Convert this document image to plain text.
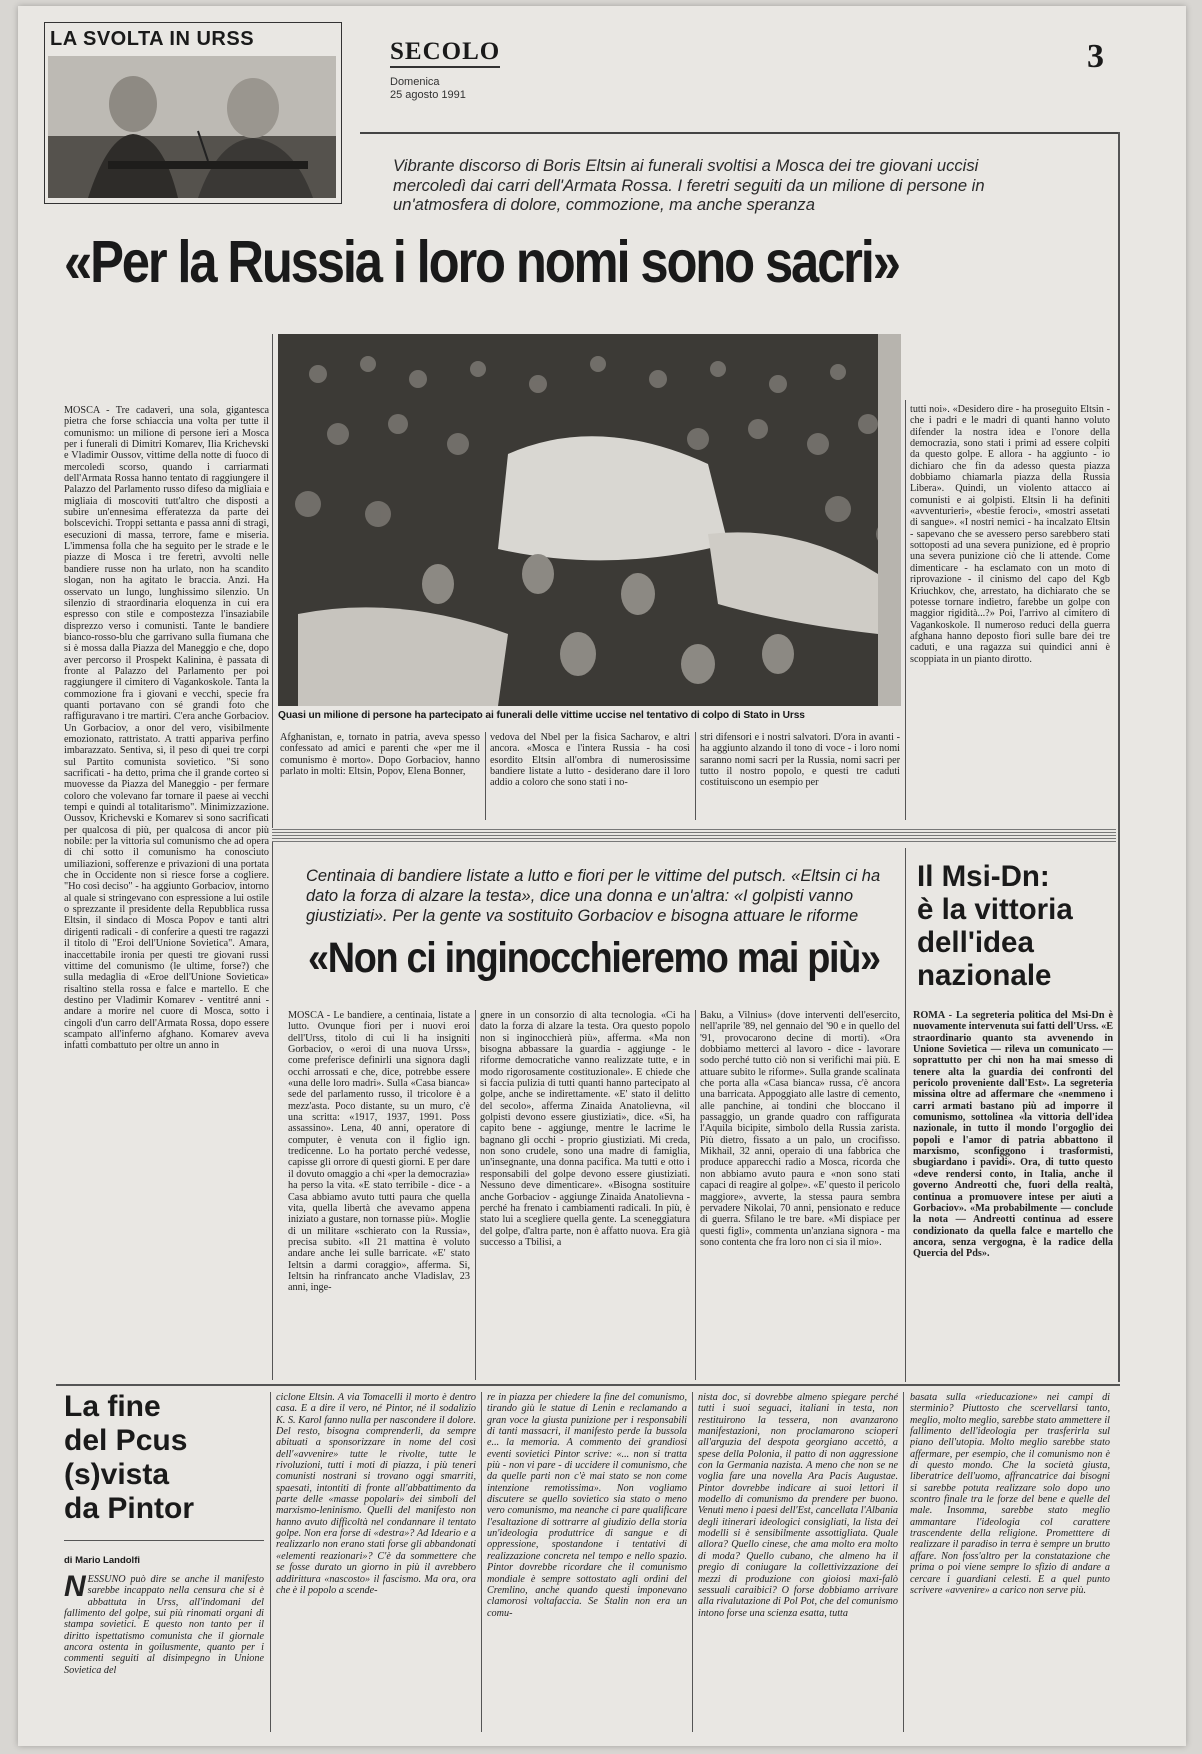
LA SVOLTA IN URSS	SECOLO
Domenica
25 agosto 1991
3
Vibrante discorso di Boris Eltsin ai funerali svoltisi a Mosca dei tre giovani uccisi mercoledì dai carri dell'Armata Rossa. I feretri seguiti da un milione di persone in un'atmosfera di dolore, commozione, ma anche speranza
«Per la Russia i loro nomi sono sacri»
Quasi un milione di persone ha partecipato ai funerali delle vittime uccise nel tentativo di colpo di Stato in Urss
MOSCA - Tre cadaveri, una sola, gigantesca pietra che forse schiaccia una volta per tutte il comunismo: un milione di persone ieri a Mosca per i funerali di Dimitri Komarev, Ilia Krichevski e Vladimir Oussov, vittime della notte di fuoco di mercoledì scorso, quando i carriarmati dell'Armata Rossa hanno tentato di raggiungere il Palazzo del Parlamento russo difeso da migliaia e migliaia di moscoviti tutt'altro che disposti a subire un'ennesima efferatezza da parte dei bolscevichi. Troppi settanta e passa anni di stragi, esecuzioni di massa, terrore, fame e miseria. L'immensa folla che ha seguito per le strade e le piazze di Mosca i tre feretri, avvolti nelle bandiere russe non ha urlato, non ha scandito slogan, non ha agitato le braccia. Anzi. Ha osservato un lungo, lunghissimo silenzio. Un silenzio di straordinaria eloquenza in cui era espresso con stile e compostezza l'insaziabile disprezzo verso i comunisti. Tante le bandiere bianco-rosso-blu che garrivano sulla fiumana che si è mossa dalla Piazza del Maneggio e che, dopo aver percorso il Prospekt Kalinina, è passata di fronte al Palazzo del Parlamento per poi raggiungere il cimitero di Vagankoskole. Tanta la commozione fra i giovani e vecchi, specie fra quanti portavano con sé grandi foto che raffiguravano i tre martiri. C'era anche Gorbaciov. Un Gorbaciov, a onor del vero, visibilmente emozionato, rattristato. A tratti appariva perfino imbarazzato. Sentiva, sì, il peso di quei tre corpi sul Partito comunista sovietico. "Si sono sacrificati - ha detto, prima che il grande corteo si muovesse da Piazza del Maneggio - per fermare coloro che volevano far tornare il paese ai vecchi tempi e quindi al totalitarismo". Minimizzazione. Oussov, Krichevski e Komarev si sono sacrificati per qualcosa di più, per qualcosa di ancor più nobile: per la vittoria sul comunismo che ad opera di chi sotto il comunismo ha conosciuto umiliazioni, sofferenze e privazioni di una portata che in Occidente non si riesce forse a cogliere. "Ho così deciso" - ha aggiunto Gorbaciov, intorno al quale si stringevano con espressione a lui ostile o sprezzante il presidente della Repubblica russa Eltsin, il sindaco di Mosca Popov e tanti altri dirigenti radicali - di conferire a questi tre ragazzi il titolo di "Eroi dell'Unione Sovietica". Amara, inaccettabile ironia per questi tre giovani russi vittime del comunismo (le ultime, forse?) che sulla medaglia di «Eroe dell'Unione Sovietica» risaltino stella rossa e falce e martello. E che destino per Vladimir Komarev - ventitré anni - andare a morire nel cuore di Mosca, sotto i cingoli d'un carro dell'Armata Rossa, dopo essere scampato all'inferno afghano. Komarev aveva infatti combattuto per oltre un anno in
Afghanistan, e, tornato in patria, aveva spesso confessato ad amici e parenti che «per me il comunismo è morto». Dopo Gorbaciov, hanno parlato in molti: Eltsin, Popov, Elena Bonner,
vedova del Nbel per la fisica Sacharov, e altri ancora. «Mosca e l'intera Russia - ha così esordito Eltsin all'ombra di numerosissime bandiere listate a lutto - desiderano dare il loro addio a coloro che sono stati i no-
stri difensori e i nostri salvatori. D'ora in avanti - ha aggiunto alzando il tono di voce - i loro nomi saranno nomi sacri per la Russia, nomi sacri per tutto il nostro popolo, e questi tre caduti costituiscono un esempio per
tutti noi». «Desidero dire - ha proseguito Eltsin - che i padri e le madri di quanti hanno voluto difender la nostra idea e l'onore della democrazia, sono stati i primi ad essere colpiti da questo golpe. E allora - ha aggiunto - io dichiaro che fin da adesso questa piazza dobbiamo chiamarla piazza della Russia Libera». Quindi, un violento attacco ai comunisti e ai golpisti. Eltsin li ha definiti «avventurieri», «bestie feroci», «mostri assetati di sangue». «I nostri nemici - ha incalzato Eltsin - sapevano che se avessero perso sarebbero stati sottoposti ad una severa punizione, ed è proprio una severa punizione ciò che li attende. Come dimenticare - ha esclamato con un moto di riprovazione - il cinismo del capo del Kgb Kriuchkov, che, arrestato, ha dichiarato che se potesse tornare indietro, farebbe un golpe con maggior rigidità...?» Poi, l'arrivo al cimitero di Vagankoskole. Il numeroso reduci della guerra afghana hanno deposto fiori sulle bare dei tre caduti, e una ragazza sui quindici anni è scoppiata in un pianto dirotto.
Centinaia di bandiere listate a lutto e fiori per le vittime del putsch. «Eltsin ci ha dato la forza di alzare la testa», dice una donna e un'altra: «I golpisti vanno giustiziati». Per la gente va sostituito Gorbaciov e bisogna attuare le riforme
«Non ci inginocchieremo mai più»
MOSCA - Le bandiere, a centinaia, listate a lutto. Ovunque fiori per i nuovi eroi dell'Urss, titolo di cui li ha insigniti Gorbaciov, o «eroi di una nuova Urss», come preferisce definirli una signora dagli occhi arrossati e che, dice, potrebbe essere «una delle loro madri». Sulla «Casa bianca» sede del parlamento russo, il tricolore è a mezz'asta. Poco distante, su un muro, c'è una scritta: «1917, 1937, 1991. Poss assassino». Lena, 40 anni, operatore di computer, è venuta con il figlio ign. tredicenne. Lo ha portato perché vedesse, capisse gli orrore di questi giorni. E per dare il dovuto omaggio a chi «per la democrazia» ha perso la vita. «E stato terribile - dice - a Casa abbiamo avuto tutti paura che quella vita, quella libertà che avevamo appena iniziato a gustare, non tornasse più». Moglie di un militare «schierato con la Russia», precisa subito. «Il 21 mattina è voluto andare anche lei sulle barricate. «E' stato Ieltsin a darmi coraggio», afferma. Si, Ieltsin ha rinfrancato anche Vladislav, 23 anni, inge-
gnere in un consorzio di alta tecnologia. «Ci ha dato la forza di alzare la testa. Ora questo popolo non si inginocchierà più», afferma. «Ma non bisogna abbassare la guardia - aggiunge - le riforme democratiche vanno realizzate tutte, e in modo rigorosamente costituzionale». E chiede che si faccia pulizia di tutti quanti hanno partecipato al golpe, anche se indirettamente. «E' stato il delitto del secolo», afferma Zinaida Anatolievna, «il golpisti devono essere giustiziati», dice. «Si, ha capito bene - aggiunge, mentre le lacrime le bagnano gli occhi - proprio giustiziati. Mi creda, non sono crudele, sono una madre di famiglia, un'insegnante, una donna pacifica. Ma tutti e otto i responsabili del golpe devono essere giustiziati. Nessuno deve dimenticare». «Bisogna sostituire anche Gorbaciov - aggiunge Zinaida Anatolievna - perché ha frenato i cambiamenti radicali. In più, è stato lui a scegliere quella gente. La sceneggiatura del golpe, d'altra parte, non è affatto nuova. Era già successo a Tbilisi, a
Baku, a Vilnius» (dove interventi dell'esercito, nell'aprile '89, nel gennaio del '90 e in quello del '91, provocarono decine di morti). «Ora dobbiamo metterci al lavoro - dice - lavorare sodo perché tutto ciò non si verifichi mai più. E attuare subito le riforme». Sulla grande scalinata che porta alla «Casa bianca» russa, c'è ancora una barricata. Appoggiato alle lastre di cemento, alle panchine, ai tondini che bloccano il passaggio, un grande quadro con raffigurata l'Aquila bicipite, simbolo della Russia zarista. Più dietro, fissato a un palo, un crocifisso. Mikhail, 32 anni, operaio di una fabbrica che produce apparecchi radio a Mosca, ricorda che non abbiamo avuto paura e «non sono stati capaci di reagire al golpe». «E' questo il pericolo maggiore», avverte, la stessa paura sembra pervadere Nikolai, 70 anni, pensionato e reduce di guerra. Sfilano le tre bare. «Mi dispiace per questi figli», commenta un'anziana signora - ma sono contenta che fra loro non ci sia il mio».
Il Msi-Dn:
è la vittoria
dell'idea
nazionale
ROMA - La segreteria politica del Msi-Dn è nuovamente intervenuta sui fatti dell'Urss. «E straordinario quanto sta avvenendo in Unione Sovietica — rileva un comunicato — soprattutto per chi non ha mai smesso di tenere alta la guardia dei confronti del pericolo proveniente dall'Est». La segreteria missina oltre ad affermare che «nemmeno i carri armati bastano più ad imporre il comunismo, sottolinea «la vittoria dell'idea nazionale, in tutto il mondo l'orgoglio dei popoli e l'amor di patria abbattono il marxismo, sconfiggono i trasformisti, sbugiardano i pavidi». Ora, di tutto questo «deve rendersi conto, in Italia, anche il governo Andreotti che, fuori della realtà, continua a promuovere intese per aiuti a Gorbaciov». «Ma probabilmente — conclude la nota — Andreotti continua ad essere condizionato da quella falce e martello che ancora, senza vergogna, è la radice della Quercia del Pds».
La fine
del Pcus
(s)vista
da Pintor
di Mario Landolfi
NESSUNO può dire se anche il manifesto sarebbe incappato nella censura che si è abbattuta in Urss, all'indomani del fallimento del golpe, sui più rinomati organi di stampa sovietici. E questo non tanto per il diritto ispettatismo comunista che il giornale ancora ostenta in goilusmente, quanto per i commenti seguiti al disimpegno in Unione Sovietica del
ciclone Eltsin. A via Tomacelli il morto è dentro casa. E a dire il vero, né Pintor, né il sodalizio K. S. Karol fanno nulla per nascondere il dolore. Del resto, bisogna comprenderli, da sempre abituati a sponsorizzare in nome del così dell'«avvenire» tutte le rivolte, tutte le rivoluzioni, tutti i moti di piazza, i più teneri comunisti nostrani si trovano oggi smarriti, spaesati, intontiti di fronte all'abbattimento da parte delle «masse popolari» dei simboli del marxismo-leninismo. Quelli del manifesto non hanno avuto difficoltà nel condannare il tentato golpe. Non era forse di «destra»? Ad Ideario e a realizzarlo non erano stati forse gli abbandonati «elementi reazionari»? C'è da sommettere che se fosse durato un giorno in più il avrebbero addirittura «nascosto» il fascismo. Ma ora, ora che è il popolo a scende-
re in piazza per chiedere la fine del comunismo, tirando giù le statue di Lenin e reclamando a gran voce la giusta punizione per i responsabili di tanti massacri, il manifesto perde la bussola e... la memoria. A commento dei grandiosi eventi sovietici Pintor scrive: «... non si tratta più - non vi pare - di uccidere il comunismo, che da quelle parti non c'è mai stato se non come intenzione remotissima». Non vogliamo discutere se quello sovietico sia stato o meno vero comunismo, ma neanche ci pare qualificare l'esaltazione di sottrarre al giudizio della storia un'ideologia produttrice di sangue e di oppressione, spostandone i tentativi di realizzazione concreta nel tempo e nello spazio. Pintor dovrebbe ricordare che il comunismo mondiale è sempre sottostato agli ordini del Cremlino, anche quando questi imponevano clamorosi voltafaccia. Se Stalin non era un comu-
nista doc, si dovrebbe almeno spiegare perché tutti i suoi seguaci, italiani in testa, non restituirono la tessera, non avanzarono manifestazioni, non proclamarono scioperi all'arguzia del despota georgiano accettò, a spese della Polonia, il patto di non aggressione con la Germania nazista. A meno che non se ne voglia fare una novella Ara Pacis Augustae. Pintor dovrebbe indicare ai suoi lettori il modello di comunismo da prendere per buono. Venuti meno i paesi dell'Est, cancellata l'Albania degli itinerari ideologici consigliati, la lista dei modelli si è sensibilmente assottigliata. Quale allora? Quello cinese, che ama molto era molto di moda? Quello cubano, che almeno ha il pregio di coniugare la collettivizzazione dei mezzi di produzione con gioiosi maxi-falò sessuali caraibici? O forse dobbiamo arrivare alla rivalutazione di Pol Pot, che del comunismo intono forse una scienza esatta, tutta
basata sulla «rieducazione» nei campi di sterminio? Piuttosto che scervellarsi tanto, meglio, molto meglio, sarebbe stato ammettere il fallimento dell'ideologia per trasferirla sul piano dell'utopia. Molto meglio sarebbe stato affermare, per esempio, che il comunismo non è di questo mondo. Che la società giusta, liberatrice dell'uomo, affrancatrice dai bisogni si sarebbe potuta realizzare solo dopo uno scontro finale tra le forze del bene e quelle del male. Insomma, sarebbe stato meglio ammantare l'ideologia col carattere trascendente della religione. Prometttere di realizzare il paradiso in terra è sempre un brutto affare. Non foss'altro per la constatazione che prima o poi viene sempre lo sfizio di andare a cercare i guardiani celesti. E a quel punto scrivere «avvenire» a carico non serve più.
